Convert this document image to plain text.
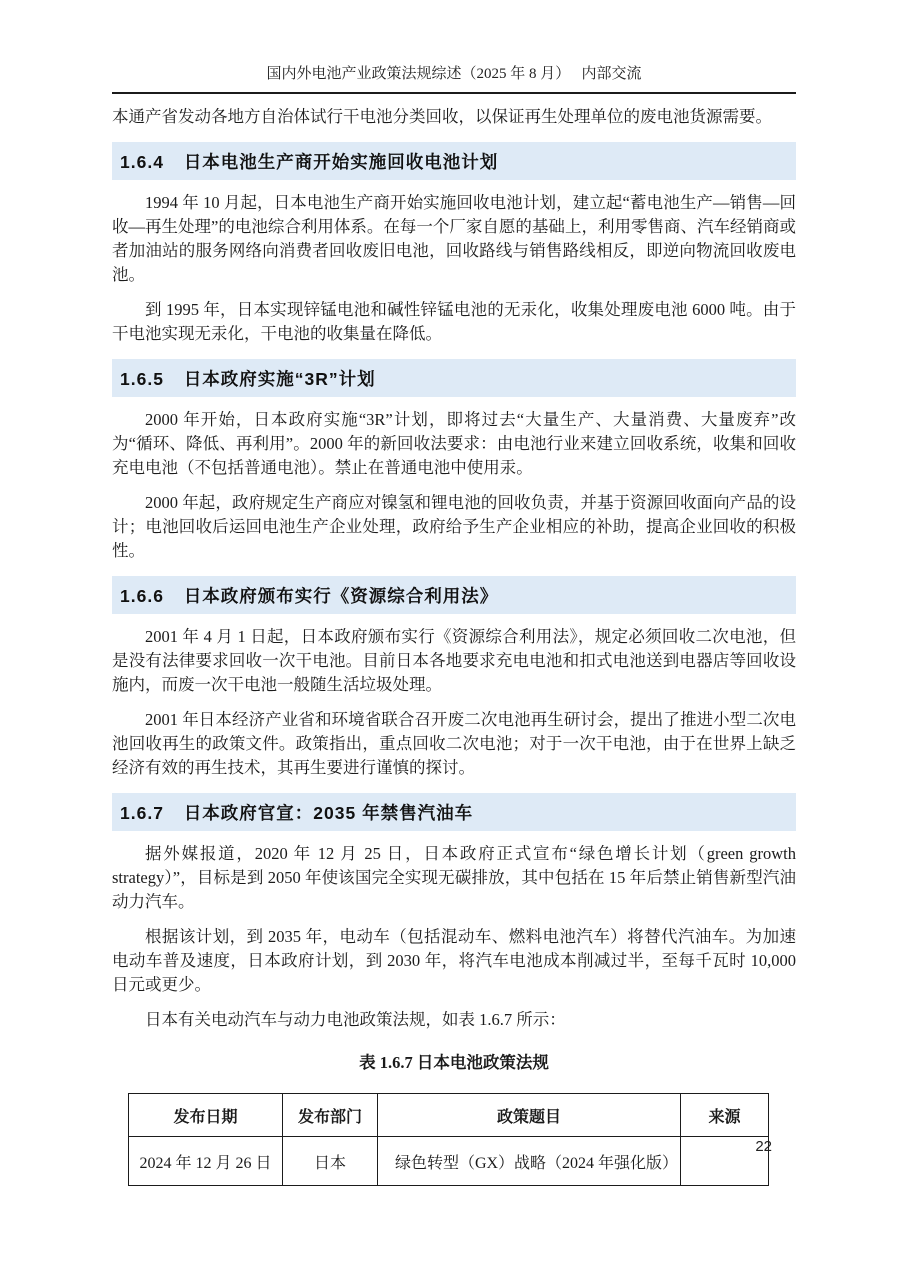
国内外电池产业政策法规综述（2025 年 8 月）　 内部交流

本通产省发动各地方自治体试行干电池分类回收，以保证再生处理单位的废电池货源需要。

1.6.4 日本电池生产商开始实施回收电池计划

1994 年 10 月起，日本电池生产商开始实施回收电池计划，建立起“蓄电池生产—销售—回收—再生处理”的电池综合利用体系。在每一个厂家自愿的基础上，利用零售商、汽车经销商或者加油站的服务网络向消费者回收废旧电池，回收路线与销售路线相反，即逆向物流回收废电池。

到 1995 年，日本实现锌锰电池和碱性锌锰电池的无汞化，收集处理废电池 6000 吨。由于干电池实现无汞化，干电池的收集量在降低。

1.6.5 日本政府实施“3R”计划

2000 年开始，日本政府实施“3R”计划，即将过去“大量生产、大量消费、大量废弃”改为“循环、降低、再利用”。2000 年的新回收法要求：由电池行业来建立回收系统，收集和回收充电电池（不包括普通电池）。禁止在普通电池中使用汞。

2000 年起，政府规定生产商应对镍氢和锂电池的回收负责，并基于资源回收面向产品的设计；电池回收后运回电池生产企业处理，政府给予生产企业相应的补助，提高企业回收的积极性。

1.6.6 日本政府颁布实行《资源综合利用法》

2001 年 4 月 1 日起，日本政府颁布实行《资源综合利用法》，规定必须回收二次电池，但是没有法律要求回收一次干电池。目前日本各地要求充电电池和扣式电池送到电器店等回收设施内，而废一次干电池一般随生活垃圾处理。

2001 年日本经济产业省和环境省联合召开废二次电池再生研讨会，提出了推进小型二次电池回收再生的政策文件。政策指出，重点回收二次电池；对于一次干电池，由于在世界上缺乏经济有效的再生技术，其再生要进行谨慎的探讨。

1.6.7 日本政府官宣：2035 年禁售汽油车

据外媒报道，2020 年 12 月 25 日，日本政府正式宣布“绿色增长计划（green growth strategy）”，目标是到 2050 年使该国完全实现无碳排放，其中包括在 15 年后禁止销售新型汽油动力汽车。

根据该计划，到 2035 年，电动车（包括混动车、燃料电池汽车）将替代汽油车。为加速电动车普及速度，日本政府计划，到 2030 年，将汽车电池成本削减过半，至每千瓦时 10,000 日元或更少。

日本有关电动汽车与动力电池政策法规，如表 1.6.7 所示：

表 1.6.7 日本电池政策法规

发布日期	发布部门	政策题目	来源
2024 年 12 月 26 日	日本	绿色转型（GX）战略（2024 年强化版）	
22
